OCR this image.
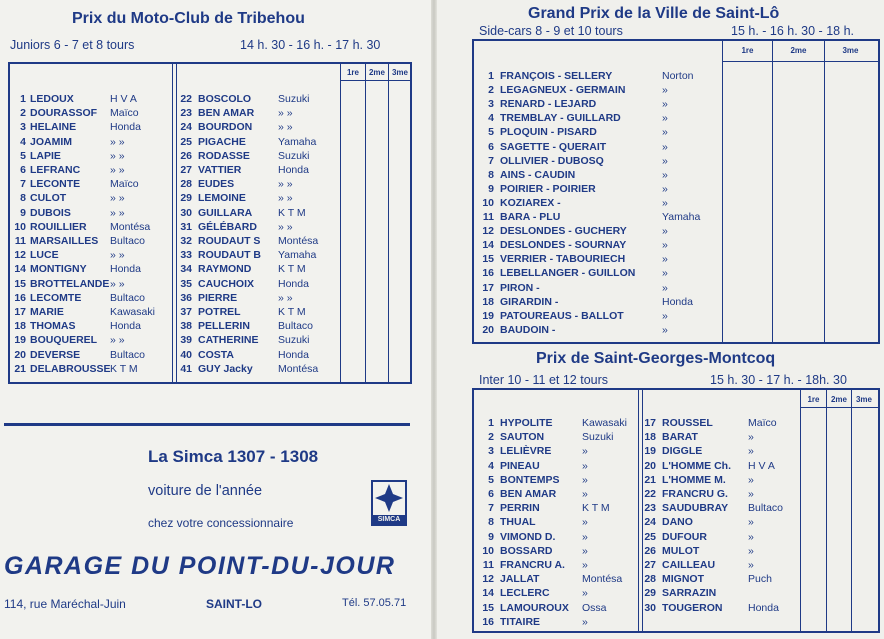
Prix du Moto-Club de Tribehou
Juniors 6 - 7 et 8 tours	14 h. 30 - 16 h. - 17 h. 30
1re	2me 3me
1 LEDOUX	H V A
2 DOURASSOF Maïco
3 HELAINE	Honda
4 JOAMIM	» »
5 LAPIE	» »
6 LEFRANC	» »
7 LECONTE	Maïco
8 CULOT	» »
9 DUBOIS	» »
10 ROUILLIER Montésa
11 MARSAILLES Bultaco
12 LUCE	» »
14 MONTIGNY Honda
15 BROTTELANDE » »
16 LECOMTE	Bultaco
17 MARIE	Kawasaki
18 THOMAS	Honda
19 BOUQUEREL » »
20 DEVERSE	Bultaco
21 DELABROUSSE K T M
22 BOSCOLO	Suzuki
23 BEN AMAR » »
24 BOURDON » »
25 PIGACHE	Yamaha
26 RODASSE	Suzuki
27 VATTIER	Honda
28 EUDES	» »
29 LEMOINE	» »
30 GUILLARA K T M
31 GÉLÉBARD » »
32 ROUDAUT S Montésa
33 ROUDAUT B Yamaha
34 RAYMOND	K T M
35 CAUCHOIX Honda
36 PIERRE	» »
37 POTREL	K T M
38 PELLERIN	Bultaco
39 CATHERINE Suzuki
40 COSTA	Honda
41 GUY Jacky Montésa
La Simca 1307 - 1308
voiture de l'année
chez votre concessionnaire	SIMCA
GARAGE DU POINT-DU-JOUR
114, rue Maréchal-Juin	SAINT-LO	Tél. 57.05.71
Grand Prix de la Ville de Saint-Lô
Side-cars 8 - 9 et 10 tours	15 h. - 16 h. 30 - 18 h.
1re	2me	3me
1 FRANÇOIS - SELLERY	Norton
2 LEGAGNEUX - GERMAIN	»
3 RENARD - LEJARD	»
4 TREMBLAY - GUILLARD	»
5 PLOQUIN - PISARD	»
6 SAGETTE - QUERAIT	»
7 OLLIVIER - DUBOSQ	»
8 AINS - CAUDIN	»
9 POIRIER - POIRIER	»
10 KOZIAREX -	»
11 BARA - PLU	Yamaha
12 DESLONDES - GUCHERY	»
14 DESLONDES - SOURNAY	»
15 VERRIER - TABOURIECH	»
16 LEBELLANGER - GUILLON	»
17 PIRON -	»
18 GIRARDIN -	Honda
19 PATOUREAUS - BALLOT	»
20 BAUDOIN -	»
Prix de Saint-Georges-Montcoq
Inter 10 - 11 et 12 tours	15 h. 30 - 17 h. - 18h. 30
1re	2me	3me
1 HYPOLITE	Kawasaki
2 SAUTON	Suzuki
3 LELIÈVRE	»
4 PINEAU	»
5 BONTEMPS »
6 BEN AMAR »
7 PERRIN	K T M
8 THUAL	»
9 VIMOND D.	»
10 BOSSARD	»
11 FRANCRU A. »
12 JALLAT	Montésa
14 LECLERC	»
15 LAMOUROUX Ossa
16 TITAIRE	»
17 ROUSSEL	Maïco
18 BARAT	»
19 DIGGLE	»
20 L'HOMME Ch. H V A
21 L'HOMME M. »
22 FRANCRU G. »
23 SAUDUBRAY Bultaco
24 DANO	»
25 DUFOUR	»
26 MULOT	»
27 CAILLEAU	»
28 MIGNOT	Puch
29 SARRAZIN
30 TOUGERON Honda
